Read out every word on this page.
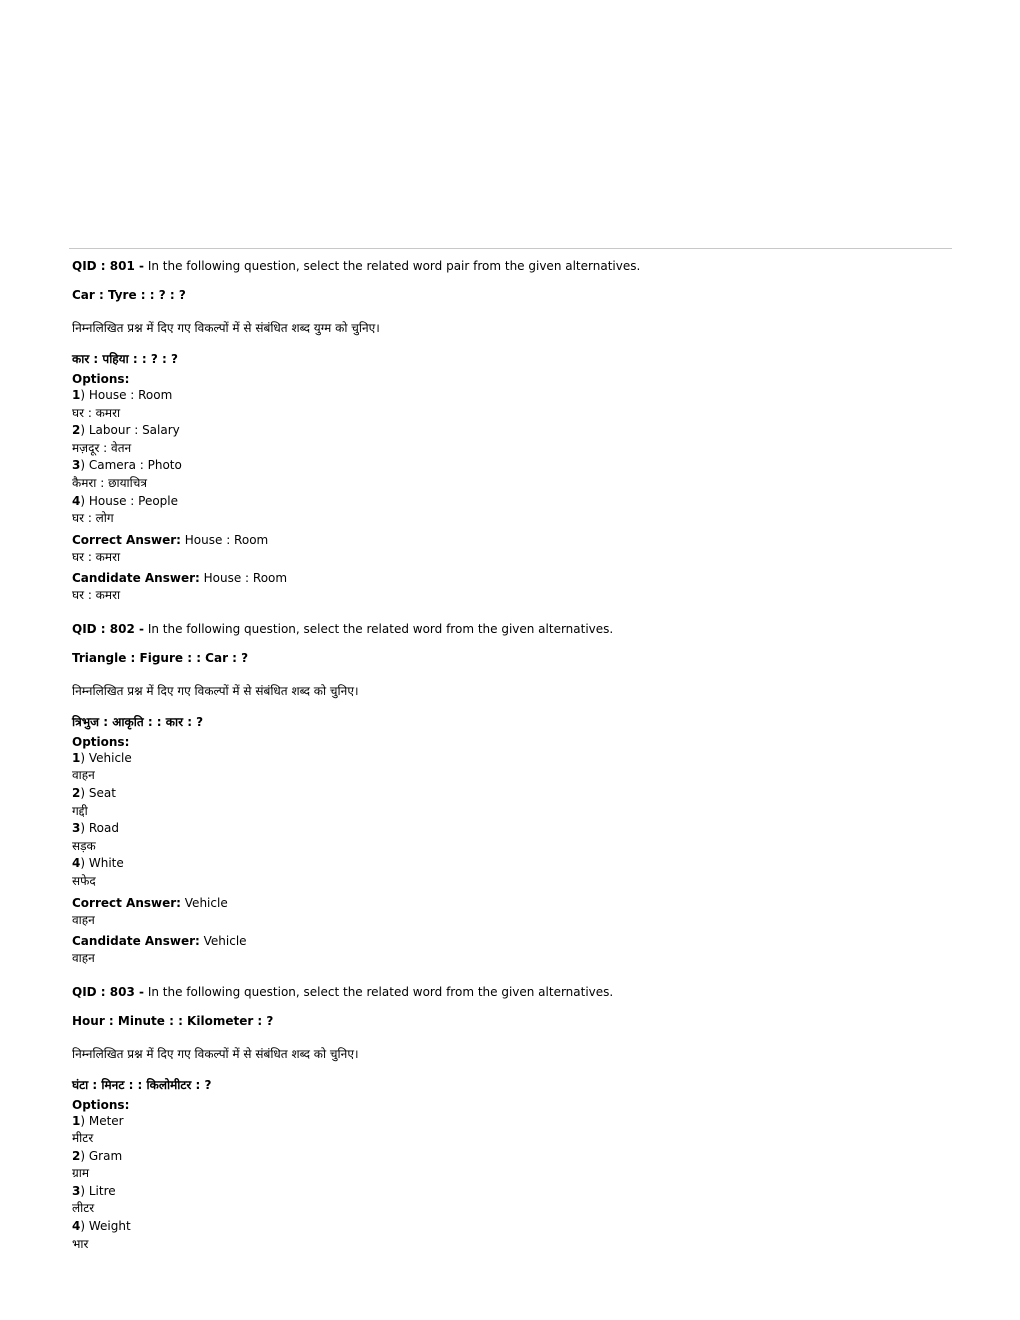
QID : 801 - In the following question, select the related word pair from the given alternatives.
Car : Tyre : : ? : ?
निम्नलिखित प्रश्न में दिए गए विकल्पों में से संबंधित शब्द युग्म को चुनिए।
कार : पहिया : : ? : ?
Options:
1) House : Room
घर : कमरा
2) Labour : Salary
मज़दूर : वेतन
3) Camera : Photo
कैमरा : छायाचित्र
4) House : People
घर : लोग
Correct Answer: House : Room
घर : कमरा
Candidate Answer: House : Room
घर : कमरा
QID : 802 - In the following question, select the related word from the given alternatives.
Triangle : Figure : : Car : ?
निम्नलिखित प्रश्न में दिए गए विकल्पों में से संबंधित शब्द को चुनिए।
त्रिभुज : आकृति : : कार : ?
Options:
1) Vehicle
वाहन
2) Seat
गद्दी
3) Road
सड़क
4) White
सफेद
Correct Answer: Vehicle
वाहन
Candidate Answer: Vehicle
वाहन
QID : 803 - In the following question, select the related word from the given alternatives.
Hour : Minute : : Kilometer : ?
निम्नलिखित प्रश्न में दिए गए विकल्पों में से संबंधित शब्द को चुनिए।
घंटा : मिनट : : किलोमीटर : ?
Options:
1) Meter
मीटर
2) Gram
ग्राम
3) Litre
लीटर
4) Weight
भार
